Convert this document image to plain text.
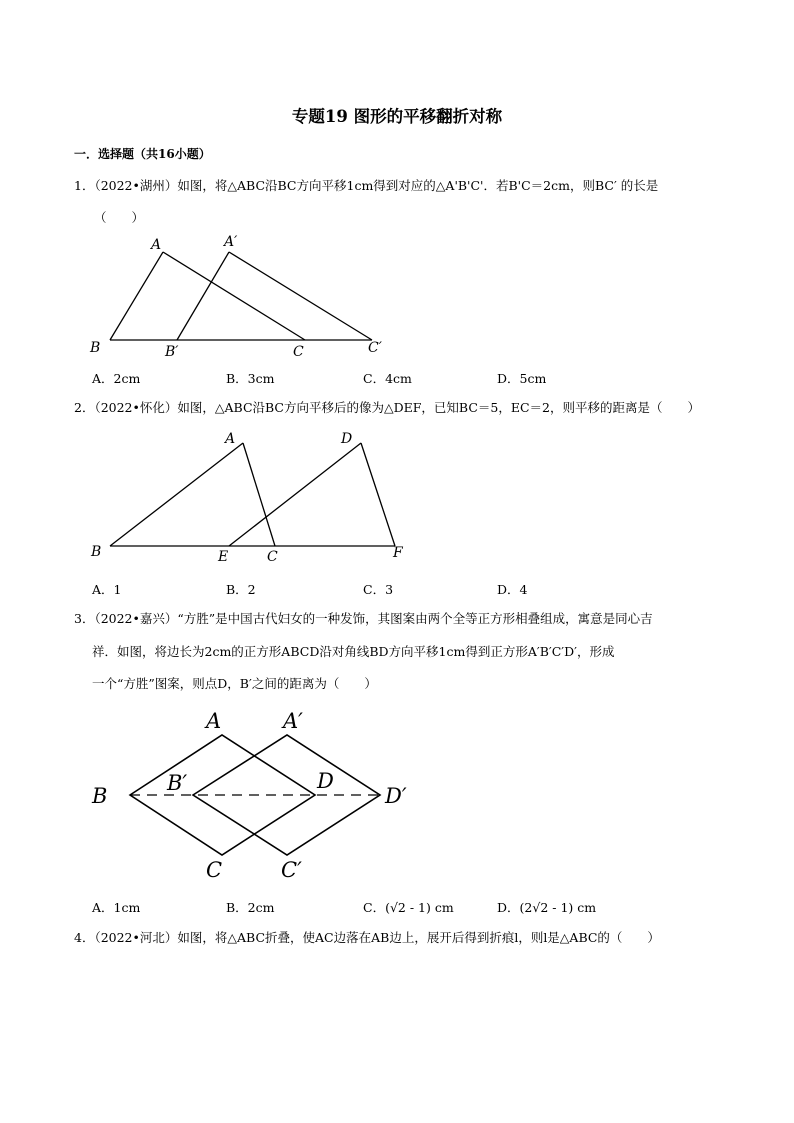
专题19 图形的平移翻折对称
一．选择题（共16小题）
1．（2022•湖州）如图，将△ABC沿BC方向平移1cm得到对应的△A'B'C'．若B'C＝2cm，则BC′ 的长是
（　　）
A	A′
B	B′	C	C′
A
B	C
D
E	F
A	A′
B
B′
C	C′
D
D′
A．2cm	B．3cm	C．4cm	D．5cm
2．（2022•怀化）如图，△ABC沿BC方向平移后的像为△DEF，已知BC＝5，EC＝2，则平移的距离是（　　）
A．1	B．2	C．3	D．4
3．（2022•嘉兴）“方胜”是中国古代妇女的一种发饰，其图案由两个全等正方形相叠组成，寓意是同心吉
祥．如图，将边长为2cm的正方形ABCD沿对角线BD方向平移1cm得到正方形A′B′C′D′，形成
一个“方胜”图案，则点D，B′之间的距离为（　　）
A．1cm	B．2cm	C．(√2 - 1) cm	D．(2√2 - 1) cm
4．（2022•河北）如图，将△ABC折叠，使AC边落在AB边上，展开后得到折痕l，则l是△ABC的（　　）
